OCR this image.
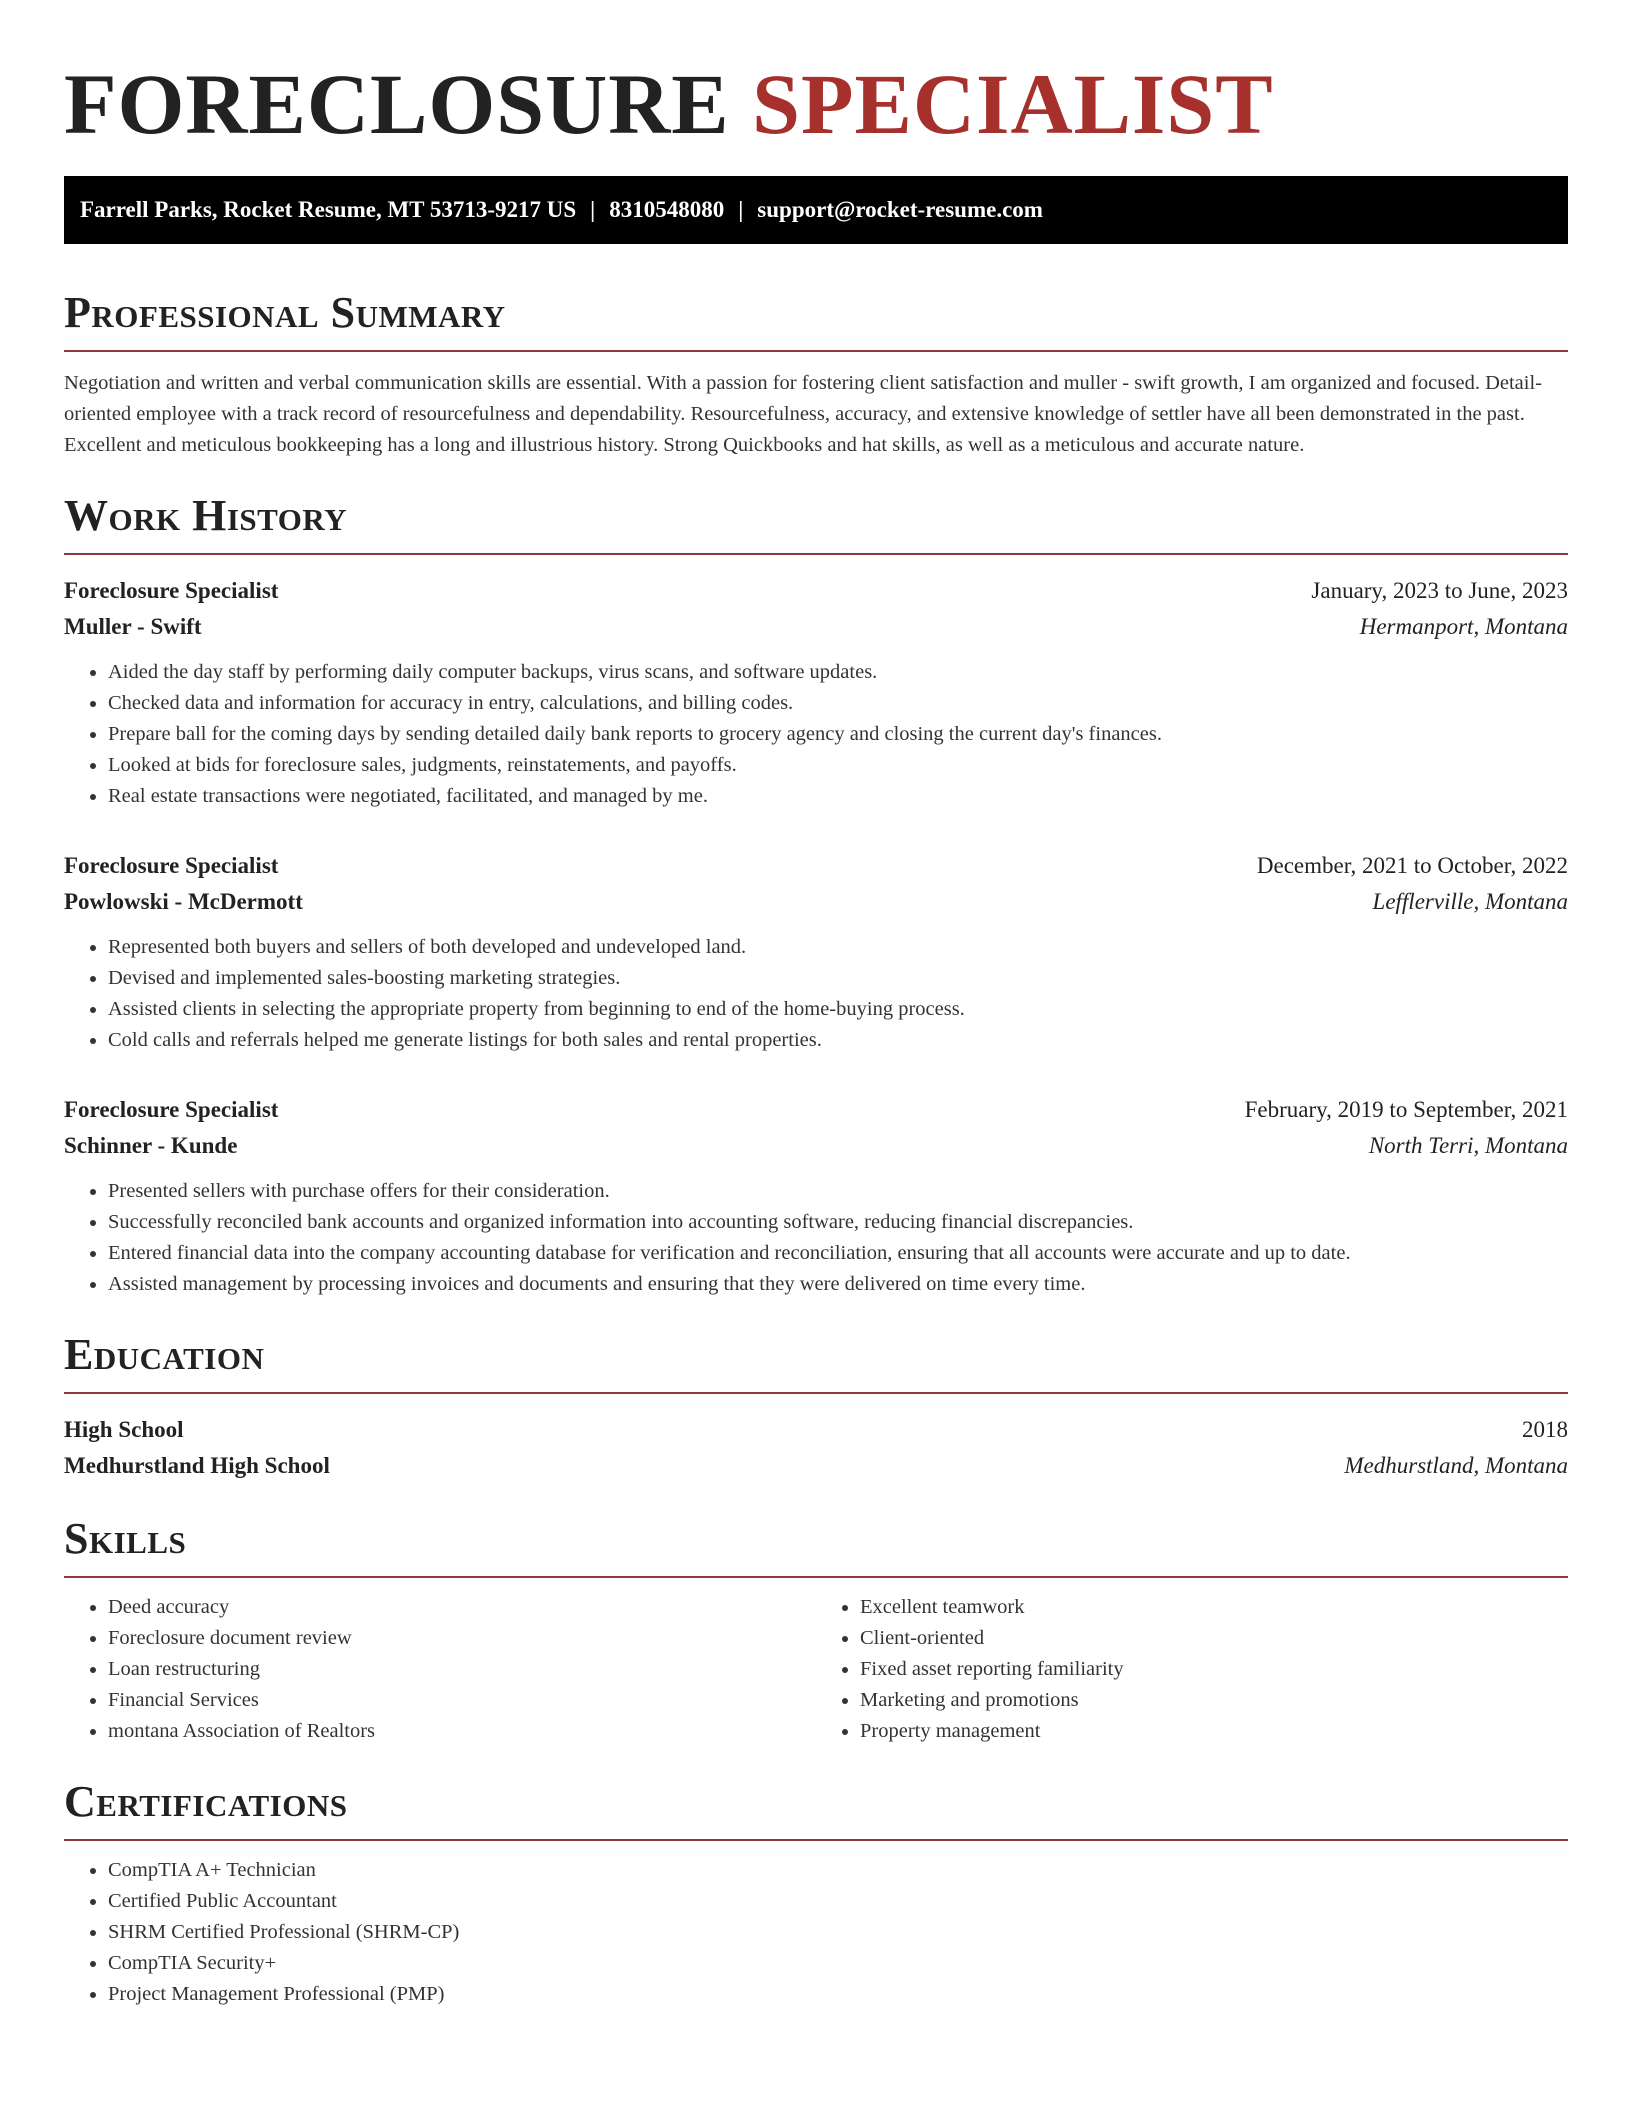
FORECLOSURE SPECIALIST
Farrell Parks, Rocket Resume, MT 53713-9217 US | 8310548080 | support@rocket-resume.com
Professional Summary
Negotiation and written and verbal communication skills are essential. With a passion for fostering client satisfaction and muller - swift growth, I am organized and focused. Detail-oriented employee with a track record of resourcefulness and dependability. Resourcefulness, accuracy, and extensive knowledge of settler have all been demonstrated in the past. Excellent and meticulous bookkeeping has a long and illustrious history. Strong Quickbooks and hat skills, as well as a meticulous and accurate nature.
Work History
Foreclosure Specialist	January, 2023 to June, 2023
Muller - Swift	Hermanport, Montana
• Aided the day staff by performing daily computer backups, virus scans, and software updates.
• Checked data and information for accuracy in entry, calculations, and billing codes.
• Prepare ball for the coming days by sending detailed daily bank reports to grocery agency and closing the current day's finances.
• Looked at bids for foreclosure sales, judgments, reinstatements, and payoffs.
• Real estate transactions were negotiated, facilitated, and managed by me.
Foreclosure Specialist	December, 2021 to October, 2022
Powlowski - McDermott	Lefflerville, Montana
• Represented both buyers and sellers of both developed and undeveloped land.
• Devised and implemented sales-boosting marketing strategies.
• Assisted clients in selecting the appropriate property from beginning to end of the home-buying process.
• Cold calls and referrals helped me generate listings for both sales and rental properties.
Foreclosure Specialist	February, 2019 to September, 2021
Schinner - Kunde	North Terri, Montana
• Presented sellers with purchase offers for their consideration.
• Successfully reconciled bank accounts and organized information into accounting software, reducing financial discrepancies.
• Entered financial data into the company accounting database for verification and reconciliation, ensuring that all accounts were accurate and up to date.
• Assisted management by processing invoices and documents and ensuring that they were delivered on time every time.
Education
High School	2018
Medhurstland High School	Medhurstland, Montana
Skills
• Deed accuracy
• Foreclosure document review
• Loan restructuring
• Financial Services
• montana Association of Realtors
• Excellent teamwork
• Client-oriented
• Fixed asset reporting familiarity
• Marketing and promotions
• Property management
Certifications
• CompTIA A+ Technician
• Certified Public Accountant
• SHRM Certified Professional (SHRM-CP)
• CompTIA Security+
• Project Management Professional (PMP)
